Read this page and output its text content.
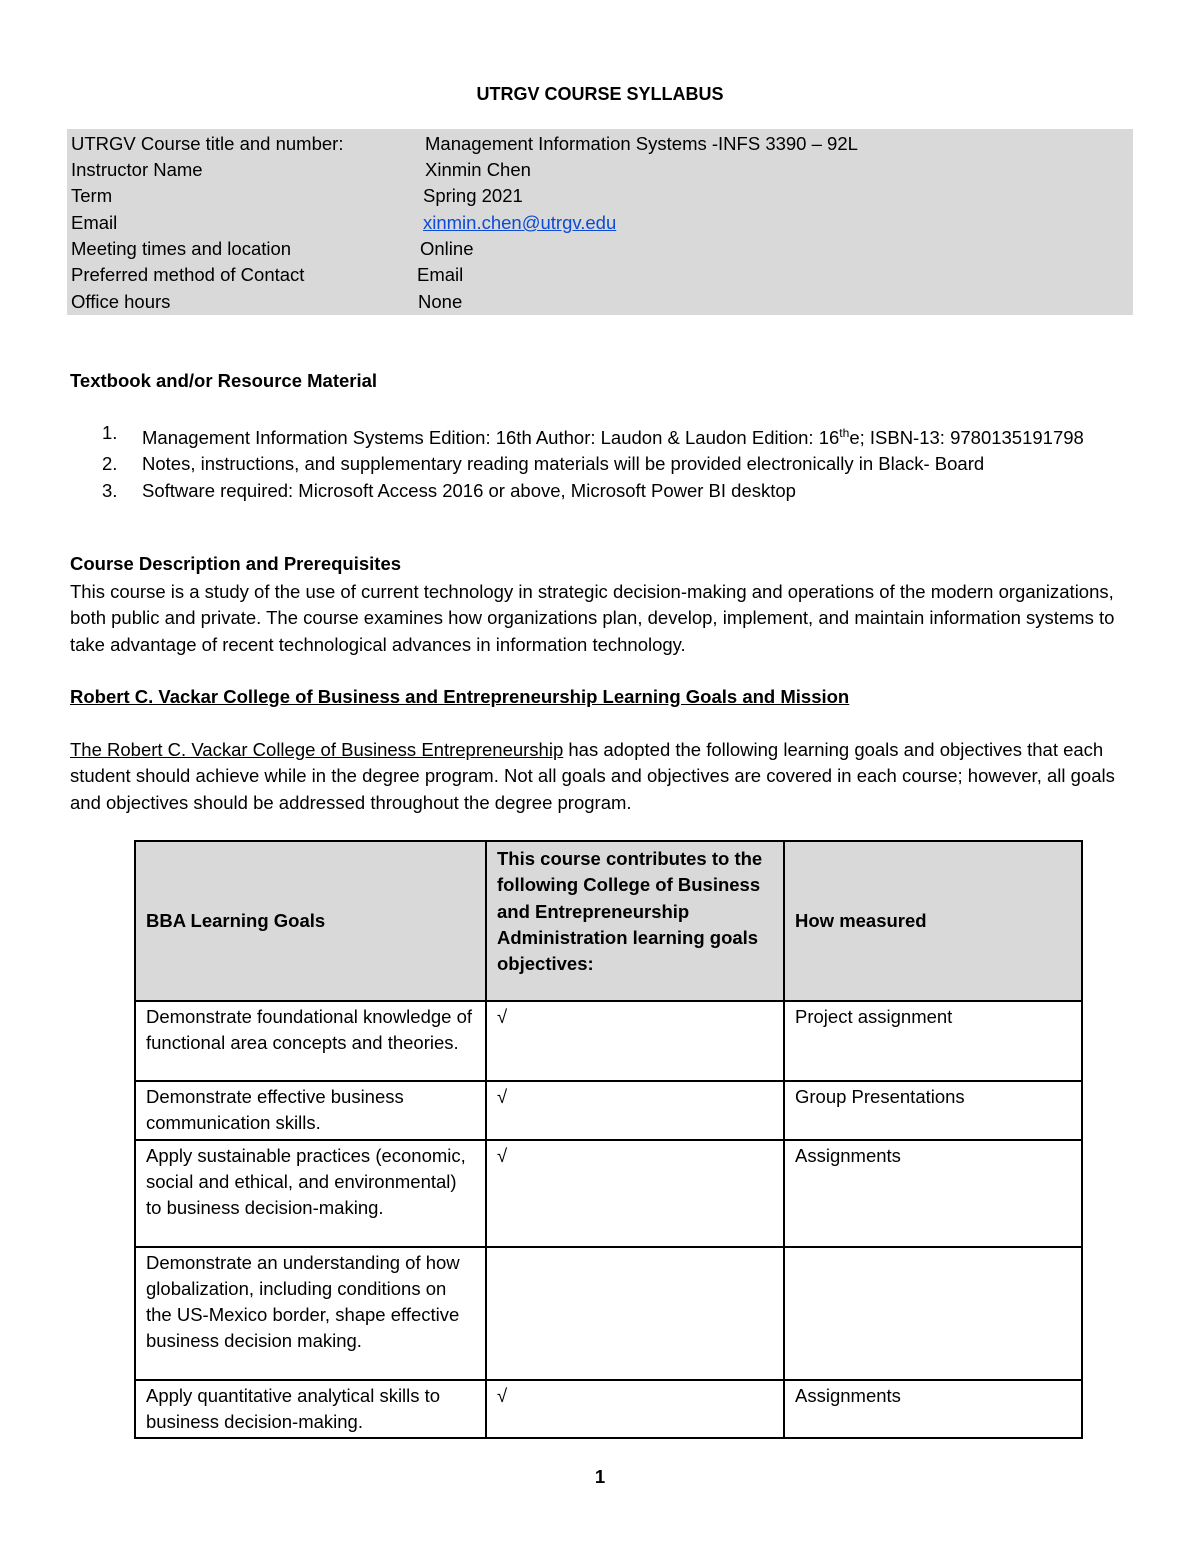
UTRGV COURSE SYLLABUS
UTRGV Course title and number:	Management Information Systems -INFS 3390 – 92L
Instructor Name	Xinmin Chen
Term	Spring 2021
Email	xinmin.chen@utrgv.edu
Meeting times and location	Online
Preferred method of Contact	Email
Office hours	None
Textbook and/or Resource Material
1. Management Information Systems Edition: 16th Author: Laudon & Laudon Edition: 16the; ISBN-13: 9780135191798
2. Notes, instructions, and supplementary reading materials will be provided electronically in Black- Board
3. Software required: Microsoft Access 2016 or above, Microsoft Power BI desktop
Course Description and Prerequisites
This course is a study of the use of current technology in strategic decision-making and operations of the modern organizations, both public and private. The course examines how organizations plan, develop, implement, and maintain information systems to take advantage of recent technological advances in information technology.
Robert C. Vackar College of Business and Entrepreneurship Learning Goals and Mission
The Robert C. Vackar College of Business Entrepreneurship has adopted the following learning goals and objectives that each student should achieve while in the degree program. Not all goals and objectives are covered in each course; however, all goals and objectives should be addressed throughout the degree program.
BBA Learning Goals	This course contributes to the following College of Business and Entrepreneurship Administration learning goals objectives:	How measured
Demonstrate foundational knowledge of functional area concepts and theories.	√	Project assignment
Demonstrate effective business communication skills.	√	Group Presentations
Apply sustainable practices (economic, social and ethical, and environmental) to business decision-making.	√	Assignments
Demonstrate an understanding of how globalization, including conditions on the US-Mexico border, shape effective business decision making.		
Apply quantitative analytical skills to business decision-making.	√	Assignments
1
